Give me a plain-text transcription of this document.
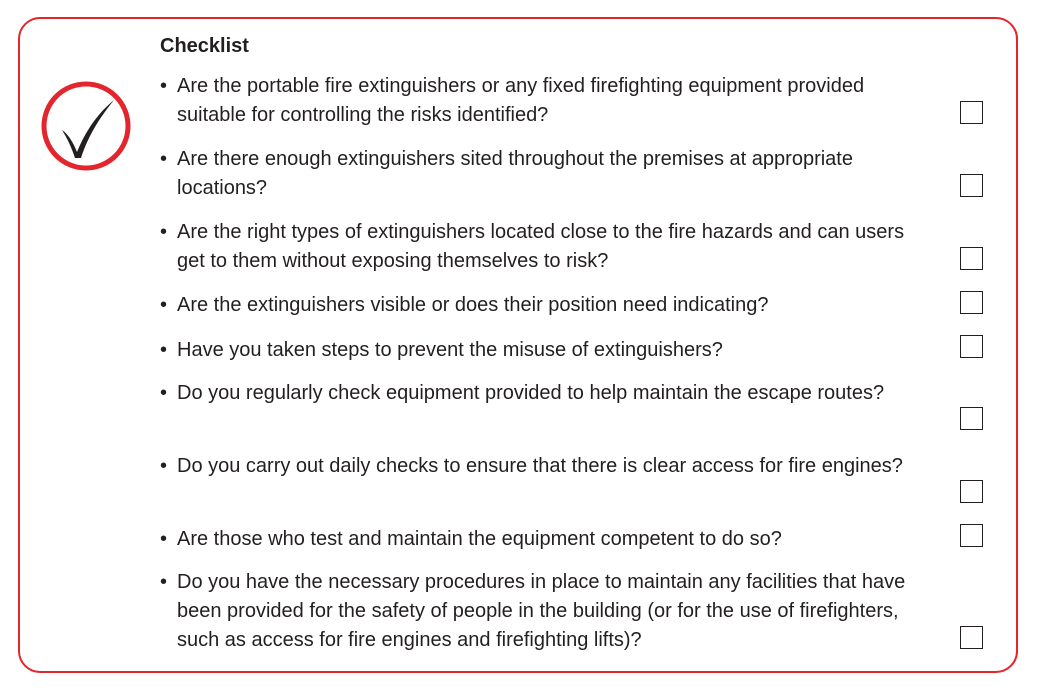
Checklist
• Are the portable fire extinguishers or any fixed firefighting equipment provided suitable for controlling the risks identified?
• Are there enough extinguishers sited throughout the premises at appropriate locations?
• Are the right types of extinguishers located close to the fire hazards and can users get to them without exposing themselves to risk?
• Are the extinguishers visible or does their position need indicating?
• Have you taken steps to prevent the misuse of extinguishers?
• Do you regularly check equipment provided to help maintain the escape routes?
• Do you carry out daily checks to ensure that there is clear access for fire engines?
• Are those who test and maintain the equipment competent to do so?
• Do you have the necessary procedures in place to maintain any facilities that have been provided for the safety of people in the building (or for the use of firefighters, such as access for fire engines and firefighting lifts)?
